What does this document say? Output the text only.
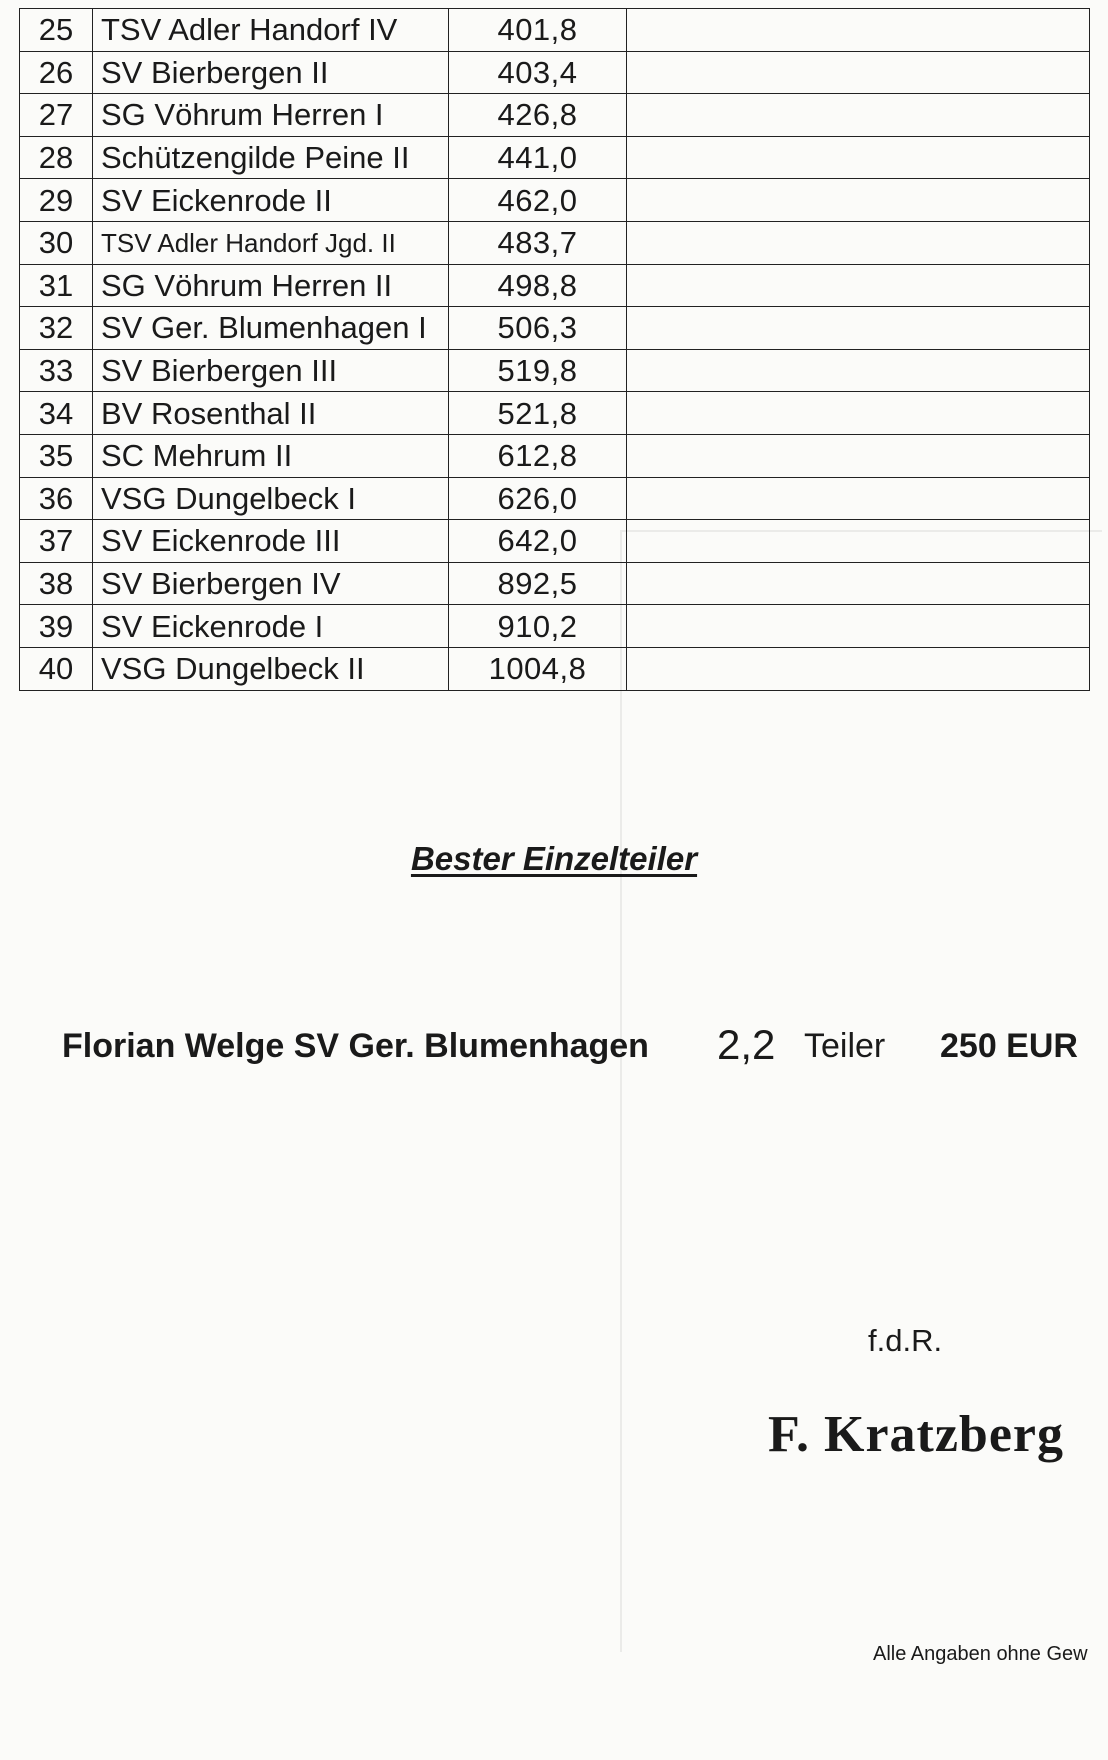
25	TSV Adler Handorf IV	401,8	
26	SV Bierbergen II	403,4	
27	SG Vöhrum Herren I	426,8	
28	Schützengilde Peine II	441,0	
29	SV Eickenrode II	462,0	
30	TSV Adler Handorf Jgd. II	483,7	
31	SG Vöhrum Herren II	498,8	
32	SV Ger. Blumenhagen I	506,3	
33	SV Bierbergen III	519,8	
34	BV Rosenthal II	521,8	
35	SC Mehrum II	612,8	
36	VSG Dungelbeck I	626,0	
37	SV Eickenrode III	642,0	
38	SV Bierbergen IV	892,5	
39	SV Eickenrode I	910,2	
40	VSG Dungelbeck II	1004,8	
Bester Einzelteiler
Florian Welge SV Ger. Blumenhagen 2,2 Teiler 250 EUR
f.d.R.
F. Kratzberg
Alle Angaben ohne Gew
